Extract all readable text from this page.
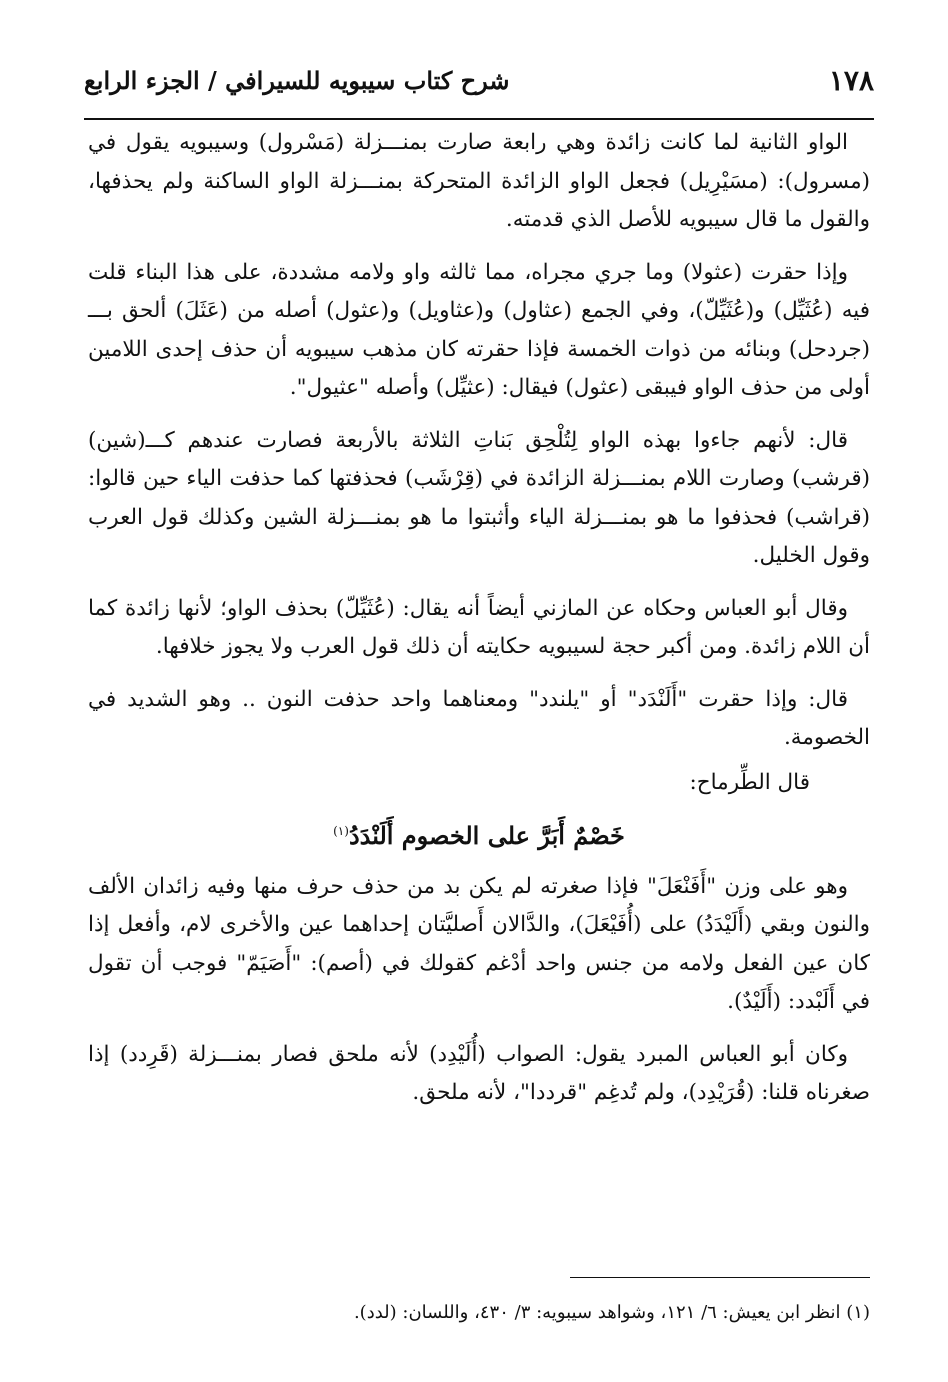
١٧٨
شرح كتاب سيبويه للسيرافي / الجزء الرابع

الواو الثانية لما كانت زائدة وهي رابعة صارت بمنـــزلة (مَسْرول) وسيبويه يقول في (مسرول): (مسَيْرِيل) فجعل الواو الزائدة المتحركة بمنـــزلة الواو الساكنة ولم يحذفها، والقول ما قال سيبويه للأصل الذي قدمته.

وإذا حقرت (عثولا) وما جري مجراه، مما ثالثه واو ولامه مشددة، على هذا البناء قلت فيه (عُثَيِّل) و(عُثَيِّلّ)، وفي الجمع (عثاول) و(عثاويل) و(عثول) أصله من (عَثَلَ) ألحق بـــ (جردحل) وبنائه من ذوات الخمسة فإذا حقرته كان مذهب سيبويه أن حذف إحدى اللامين أولى من حذف الواو فيبقى (عثول) فيقال: (عثيِّل) وأصله "عثيول".

قال: لأنهم جاءوا بهذه الواو لِتُلْحِق بَناتِ الثلاثة بالأربعة فصارت عندهم كـــ(شين) (قرشب) وصارت اللام بمنـــزلة الزائدة في (قِرْشَب) فحذفتها كما حذفت الياء حين قالوا: (قراشب) فحذفوا ما هو بمنـــزلة الياء وأثبتوا ما هو بمنـــزلة الشين وكذلك قول العرب وقول الخليل.

وقال أبو العباس وحكاه عن المازني أيضاً أنه يقال: (عُثَيِّلّ) بحذف الواو؛ لأنها زائدة كما أن اللام زائدة. ومن أكبر حجة لسيبويه حكايته أن ذلك قول العرب ولا يجوز خلافها.

قال: وإذا حقرت "أَلَنْدَد" أو "يلندد" ومعناهما واحد حذفت النون .. وهو الشديد في الخصومة.

قال الطِّرماح:

خَصْمٌ أَبَرَّ على الخصوم أَلَنْدَدُ$^{(١)}$

وهو على وزن "أَفَنْعَلَ" فإذا صغرته لم يكن بد من حذف حرف منها وفيه زائدان الألف والنون وبقي (أَلَيْدَدُ) على (أُفَيْعَلَ)، والدَّالان أَصليَّتان إحداهما عين والأخرى لام، وأفعل إذا كان عين الفعل ولامه من جنس واحد أدْغم كقولك في (أصم): "أَصَيَمّ" فوجب أن تقول في أَلَبْدد: (أَلَيْدٌ).

وكان أبو العباس المبرد يقول: الصواب (أُلَيْدِد) لأنه ملحق فصار بمنـــزلة (قَرِدد) إذا صغرناه قلنا: (قُرَيْدِد)، ولم تُدغِم "قرددا"، لأنه ملحق.

(١) انظر ابن يعيش: ٦/ ١٢١، وشواهد سيبويه: ٣/ ٤٣٠، واللسان: (لدد).
